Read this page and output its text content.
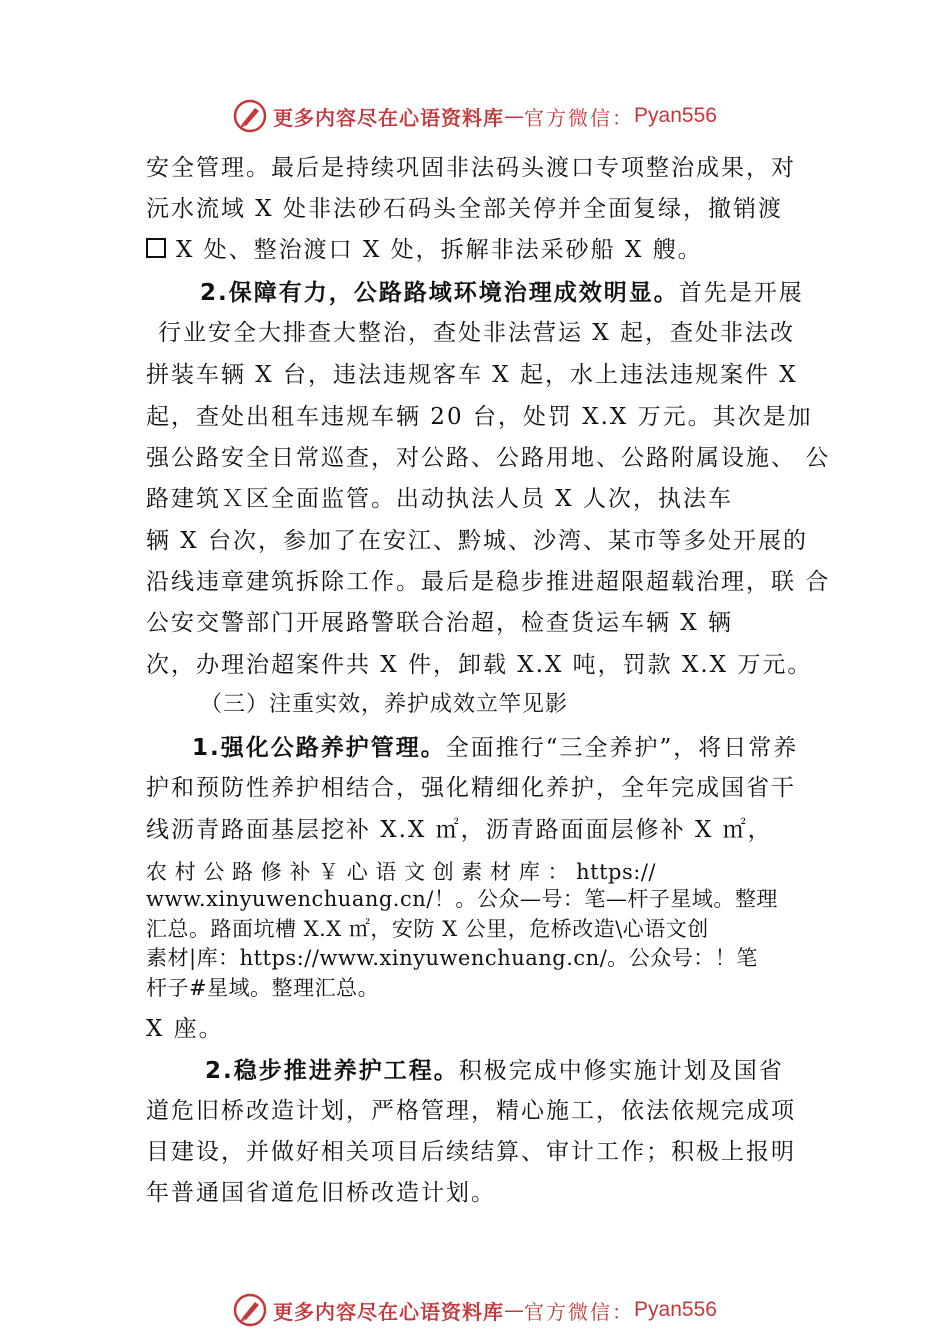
更多内容尽在心语资料库 — 官方微信： Pyan556
安全管理。最后是持续巩固非法码头渡口专项整治成果，对
沅水流域 X 处非法砂石码头全部关停并全面复绿，撤销渡
X 处、整治渡口 X 处，拆解非法采砂船 X 艘。
2.保障有力，公路路域环境治理成效明显。首先是开展
行业安全大排查大整治，查处非法营运 X 起，查处非法改
拼装车辆 X 台，违法违规客车 X 起，水上违法违规案件 X
起，查处出租车违规车辆 20 台，处罚 X.X 万元。其次是加
强公路安全日常巡查，对公路、公路用地、公路附属设施、 公
路建筑Ｘ区全面监管。出动执法人员 X 人次，执法车
辆 X 台次，参加了在安江、黔城、沙湾、某市等多处开展的
沿线违章建筑拆除工作。最后是稳步推进超限超载治理，联 合
公安交警部门开展路警联合治超，检查货运车辆 X 辆
次，办理治超案件共 X 件，卸载 X.X 吨，罚款 X.X 万元。
（三）注重实效，养护成效立竿见影
1.强化公路养护管理。全面推行“三全养护”，将日常养
护和预防性养护相结合，强化精细化养护，全年完成国省干
线沥青路面基层挖补 X.X ㎡，沥青路面面层修补 X ㎡，
农 村 公 路 修 补 ￥ 心 语 文 创 素 材 库 ： https://
www.xinyuwenchuang.cn/！。公众—号：笔—杆子星域。整理
汇总。路面坑槽 X.X ㎡，安防 X 公里，危桥改造\心语文创
素材|库：https://www.xinyuwenchuang.cn/。公众号：！笔
杆子#星域。整理汇总。
X 座。
2.稳步推进养护工程。积极完成中修实施计划及国省
道危旧桥改造计划，严格管理，精心施工，依法依规完成项
目建设，并做好相关项目后续结算、审计工作；积极上报明
年普通国省道危旧桥改造计划。
更多内容尽在心语资料库 — 官方微信： Pyan556
